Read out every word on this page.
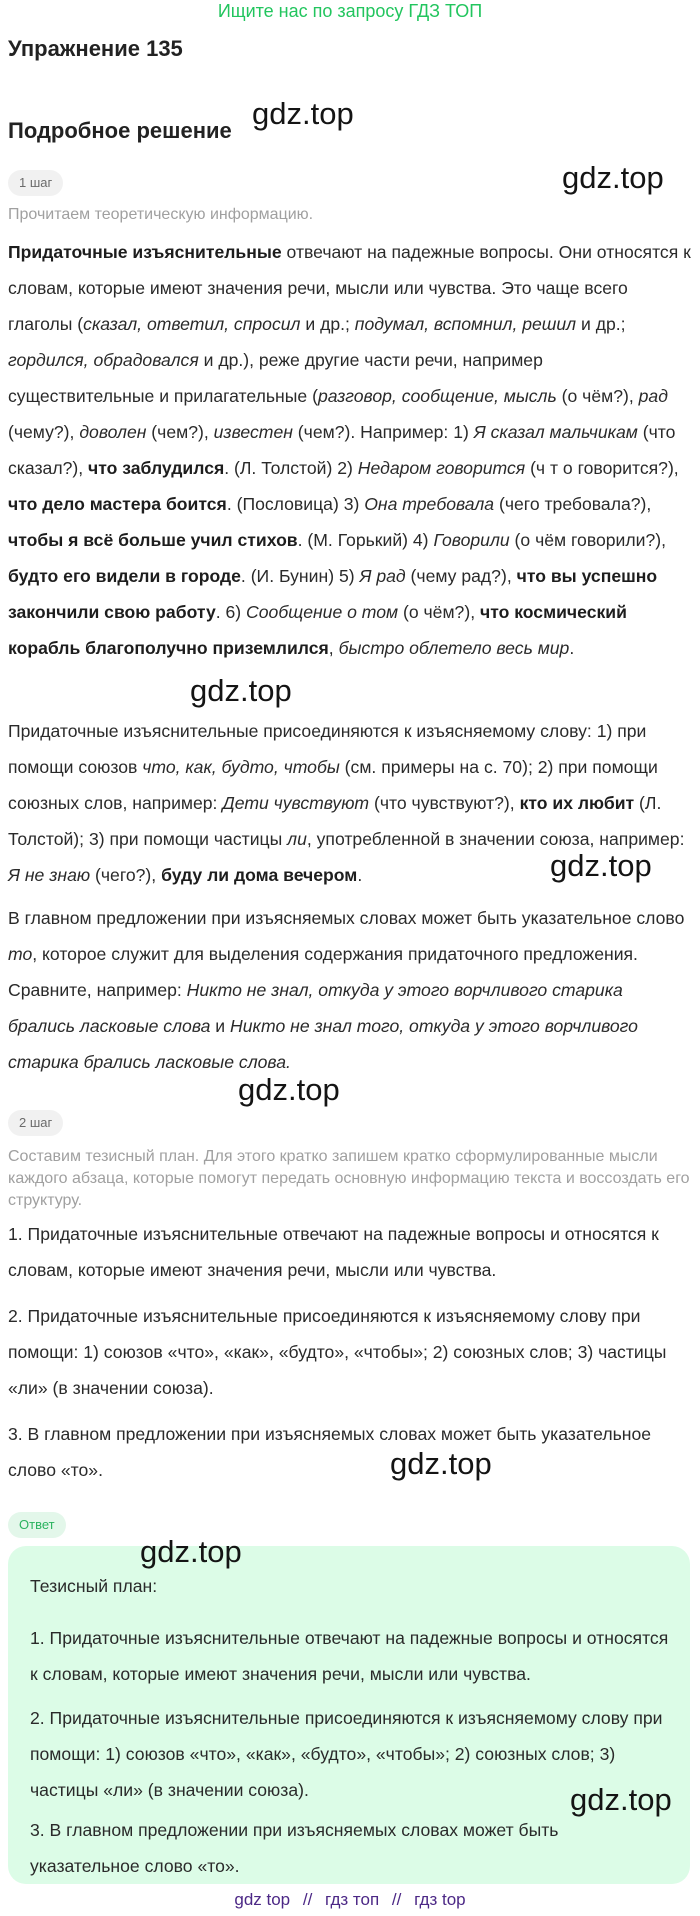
Ищите нас по запросу ГДЗ ТОП
Упражнение 135
Подробное решение
1 шаг
Прочитаем теоретическую информацию.
Придаточные изъяснительные отвечают на падежные вопросы. Они относятся к словам, которые имеют значения речи, мысли или чувства. Это чаще всего глаголы (сказал, ответил, спросил и др.; подумал, вспомнил, решил и др.; гордился, обрадовался и др.), реже другие части речи, например существительные и прилагательные (разговор, сообщение, мысль (о чём?), рад (чему?), доволен (чем?), известен (чем?). Например: 1) Я сказал мальчикам (что сказал?), что заблудился. (Л. Толстой) 2) Недаром говорится (ч т о говорится?), что дело мастера боится. (Пословица) 3) Она требовала (чего требовала?), чтобы я всё больше учил стихов. (М. Горький) 4) Говорили (о чём говорили?), будто его видели в городе. (И. Бунин) 5) Я рад (чему рад?), что вы успешно закончили свою работу. 6) Сообщение о том (о чём?), что космический корабль благополучно приземлился, быстро облетело весь мир.
Придаточные изъяснительные присоединяются к изъясняемому слову: 1) при помощи союзов что, как, будто, чтобы (см. примеры на с. 70); 2) при помощи союзных слов, например: Дети чувствуют (что чувствуют?), кто их любит (Л. Толстой); 3) при помощи частицы ли, употребленной в значении союза, например: Я не знаю (чего?), буду ли дома вечером.
В главном предложении при изъясняемых словах может быть указательное слово то, которое служит для выделения содержания придаточного предложения. Сравните, например: Никто не знал, откуда у этого ворчливого старика брались ласковые слова и Никто не знал того, откуда у этого ворчливого старика брались ласковые слова.
2 шаг
Составим тезисный план. Для этого кратко запишем кратко сформулированные мысли каждого абзаца, которые помогут передать основную информацию текста и воссоздать его структуру.

1. Придаточные изъяснительные отвечают на падежные вопросы и относятся к словам, которые имеют значения речи, мысли или чувства.

2. Придаточные изъяснительные присоединяются к изъясняемому слову при помощи: 1) союзов «что», «как», «будто», «чтобы»; 2) союзных слов; 3) частицы «ли» (в значении союза).

3. В главном предложении при изъясняемых словах может быть указательное слово «то».

Ответ
Тезисный план:
1. Придаточные изъяснительные отвечают на падежные вопросы и относятся к словам, которые имеют значения речи, мысли или чувства.
2. Придаточные изъяснительные присоединяются к изъясняемому слову при помощи: 1) союзов «что», «как», «будто», «чтобы»; 2) союзных слов; 3) частицы «ли» (в значении союза).
3. В главном предложении при изъясняемых словах может быть указательное слово «то».
gdz.top
gdz.top
gdz.top
gdz.top
gdz.top
gdz.top
gdz.top
gdz.top
gdz top // гдз топ // гдз top
